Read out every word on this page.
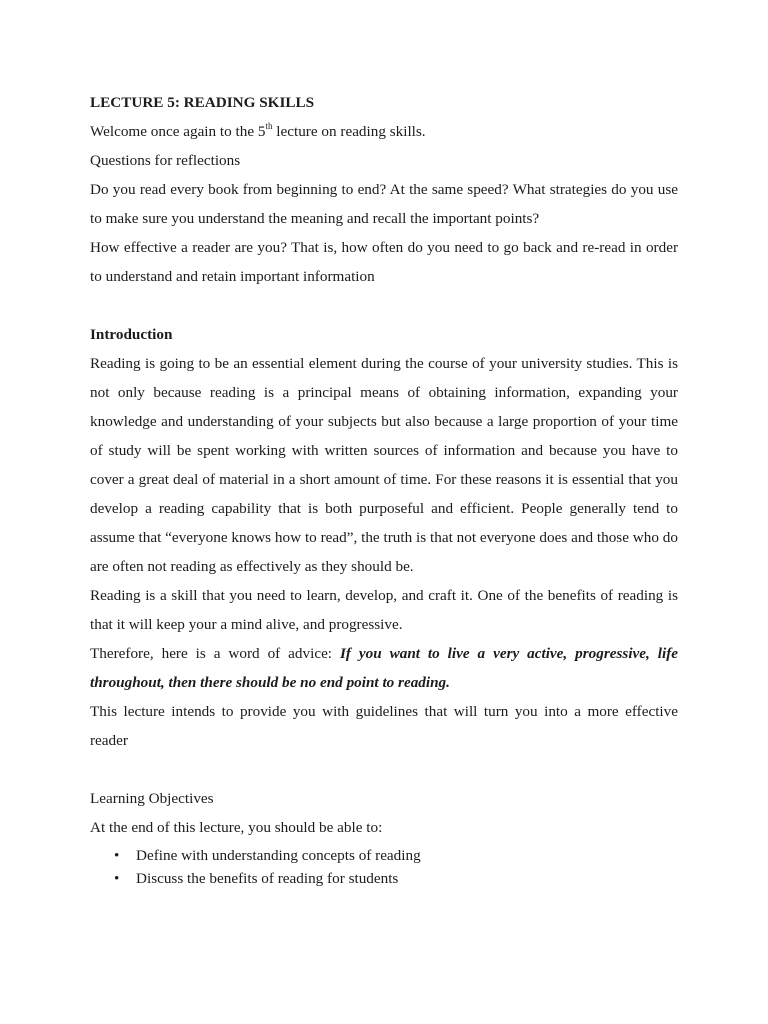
LECTURE 5: READING SKILLS

Welcome once again to the 5th lecture on reading skills.

Questions for reflections

Do you read every book from beginning to end? At the same speed? What strategies do you use to make sure you understand the meaning and recall the important points?

How effective a reader are you? That is, how often do you need to go back and re-read in order to understand and retain important information

Introduction

Reading is going to be an essential element during the course of your university studies. This is not only because reading is a principal means of obtaining information, expanding your knowledge and understanding of your subjects but also because a large proportion of your time of study will be spent working with written sources of information and because you have to cover a great deal of material in a short amount of time. For these reasons it is essential that you develop a reading capability that is both purposeful and efficient. People generally tend to assume that “everyone knows how to read”, the truth is that not everyone does and those who do are often not reading as effectively as they should be.

Reading is a skill that you need to learn, develop, and craft it. One of the benefits of reading is that it will keep your a mind alive, and progressive.

Therefore, here is a word of advice: If you want to live a very active, progressive, life throughout, then there should be no end point to reading.

This lecture intends to provide you with guidelines that will turn you into a more effective reader

Learning Objectives

At the end of this lecture, you should be able to:

• Define with understanding concepts of reading
• Discuss the benefits of reading for students
